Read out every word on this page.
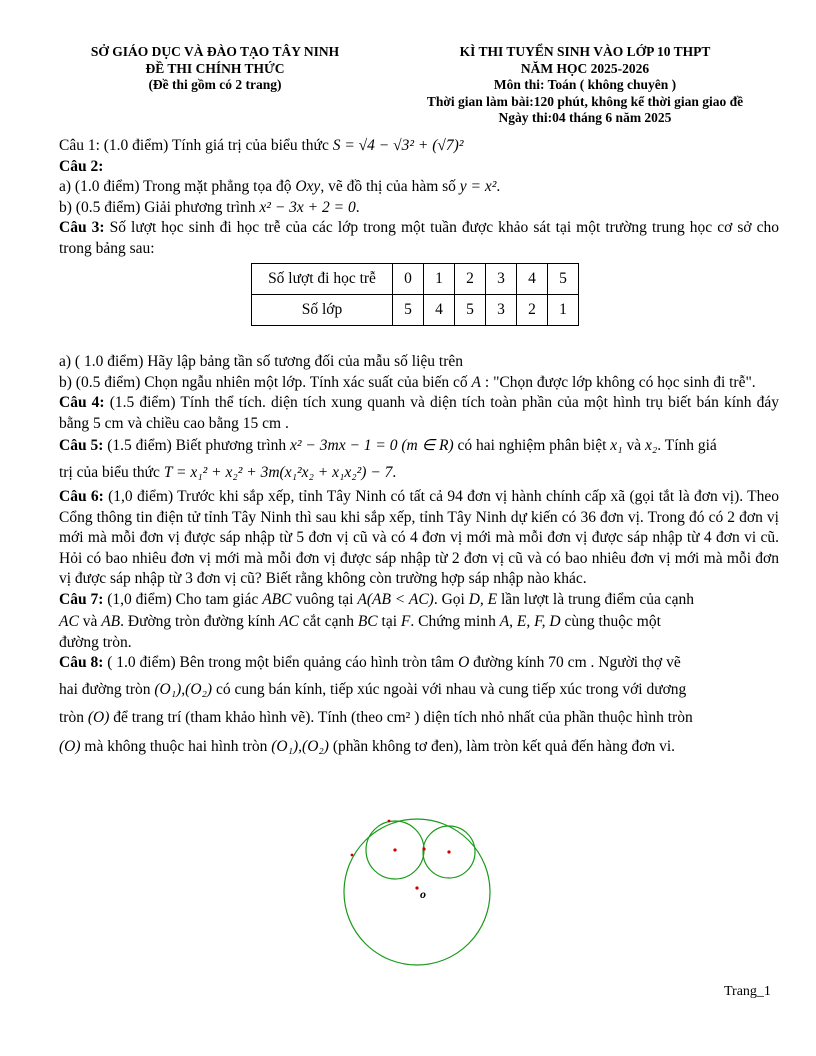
SỞ GIÁO DỤC VÀ ĐÀO TẠO TÂY NINH
ĐỀ THI CHÍNH THỨC
(Đề thi gồm có 2 trang)
KÌ THI TUYỂN SINH VÀO LỚP 10 THPT
NĂM HỌC 2025-2026
Môn thi: Toán ( không chuyên )
Thời gian làm bài:120 phút, không kể thời gian giao đề
Ngày thi:04 tháng 6 năm 2025
Câu 1: (1.0 điểm) Tính giá trị của biểu thức S = √4 − √3² + (√7)²
Câu 2:
a) (1.0 điểm) Trong mặt phẳng tọa độ Oxy, vẽ đồ thị của hàm số y = x².
b) (0.5 điểm) Giải phương trình x² − 3x + 2 = 0.
Câu 3: Số lượt học sinh đi học trễ của các lớp trong một tuần được khảo sát tại một trường trung học cơ sở cho trong bảng sau:
Số lượt đi học trễ	0	1	2	3	4	5
Số lớp	5	4	5	3	2	1
a) ( 1.0 điểm) Hãy lập bảng tần số tương đối của mẫu số liệu trên
b) (0.5 điểm) Chọn ngẫu nhiên một lớp. Tính xác suất của biến cố A : "Chọn được lớp không có học sinh đi trễ".
Câu 4: (1.5 điểm) Tính thể tích. diện tích xung quanh và diện tích toàn phần của một hình trụ biết bán kính đáy bằng 5 cm và chiều cao bằng 15 cm .
Câu 5: (1.5 điểm) Biết phương trình x² − 3mx − 1 = 0 (m ∈ R) có hai nghiệm phân biệt x₁ và x₂. Tính giá
trị của biểu thức T = x₁² + x₂² + 3m(x₁²x₂ + x₁x₂²) − 7.
Câu 6: (1,0 điểm) Trước khi sắp xếp, tỉnh Tây Ninh có tất cả 94 đơn vị hành chính cấp xã (gọi tắt là đơn vị). Theo Cổng thông tin điện tử tỉnh Tây Ninh thì sau khi sắp xếp, tỉnh Tây Ninh dự kiến có 36 đơn vị. Trong đó có 2 đơn vị mới mà mỗi đơn vị được sáp nhập từ 5 đơn vị cũ và có 4 đơn vị mới mà mỗi đơn vị được sáp nhập từ 4 đơn vi cũ. Hỏi có bao nhiêu đơn vị mới mà mỗi đơn vị được sáp nhập từ 2 đơn vị cũ và có bao nhiêu đơn vị mới mà mỗi đơn vị được sáp nhập từ 3 đơn vị cũ? Biết rằng không còn trường hợp sáp nhập nào khác.
Câu 7: (1,0 điểm) Cho tam giác ABC vuông tại A(AB < AC). Gọi D, E lần lượt là trung điểm của cạnh
AC và AB. Đường tròn đường kính AC cắt cạnh BC tại F. Chứng minh A, E, F, D cùng thuộc một
đường tròn.
Câu 8: ( 1.0 điểm) Bên trong một biển quảng cáo hình tròn tâm O đường kính 70 cm . Người thợ vẽ
hai đường tròn (O₁),(O₂) có cung bán kính, tiếp xúc ngoài với nhau và cung tiếp xúc trong với dương
tròn (O) để trang trí (tham khảo hình vẽ). Tính (theo cm² ) diện tích nhỏ nhất của phần thuộc hình tròn
(O) mà không thuộc hai hình tròn (O₁),(O₂) (phần không tơ đen), làm tròn kết quả đến hàng đơn vi.
o
Trang_1
